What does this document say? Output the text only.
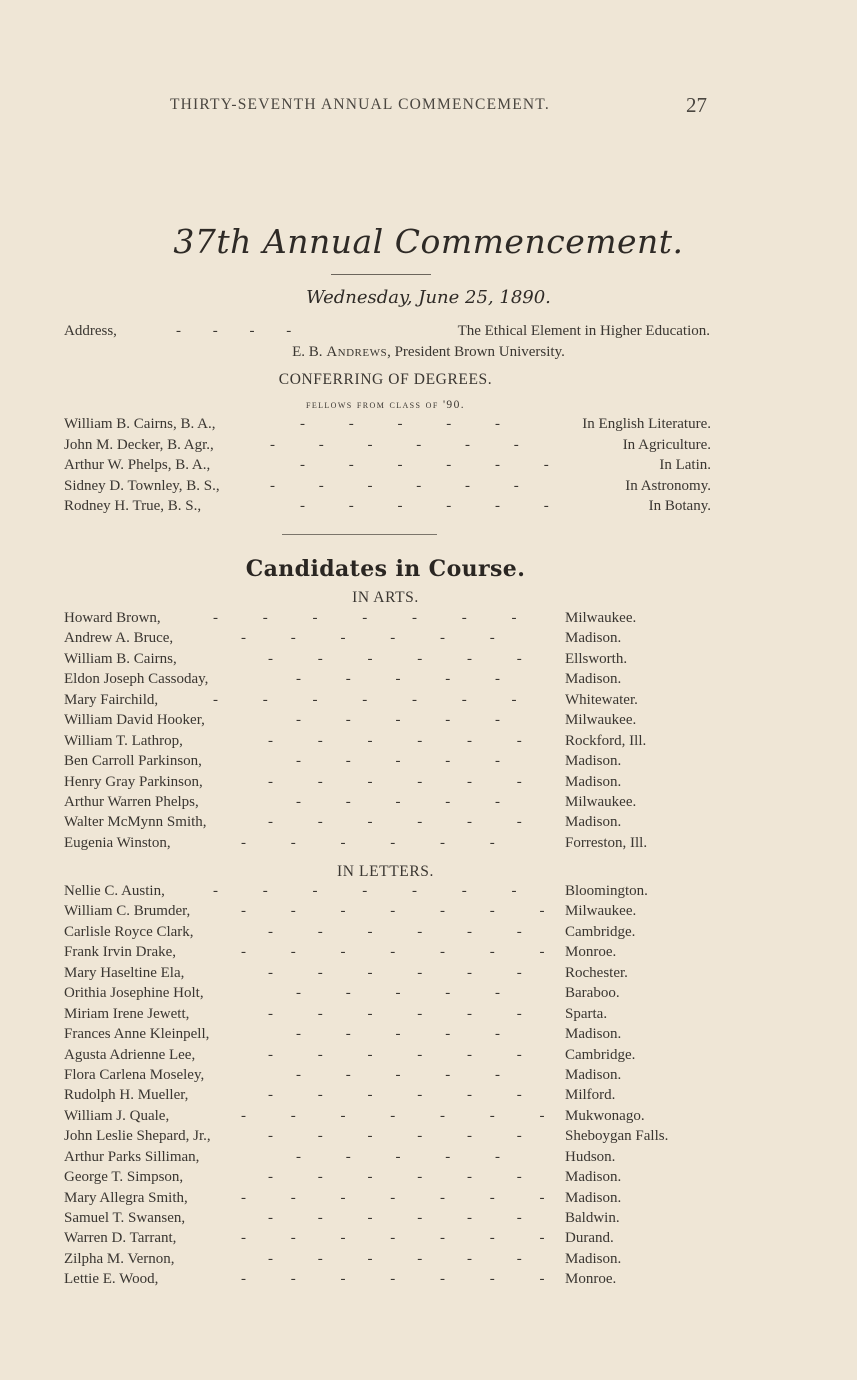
THIRTY-SEVENTH ANNUAL COMMENCEMENT.	27
37th Annual Commencement.
Wednesday, June 25, 1890.
Address,	- - - -	The Ethical Element in Higher Education.
E. B. Andrews, President Brown University.
CONFERRING OF DEGREES.
fellows from class of '90.
William B. Cairns, B. A.,	- - - - -	In English Literature.
John M. Decker, B. Agr.,	- - - - - -	In Agriculture.
Arthur W. Phelps, B. A.,	- - - - - -	In Latin.
Sidney D. Townley, B. S.,	- - - - - -	In Astronomy.
Rodney H. True, B. S.,	- - - - - -	In Botany.
Candidates in Course.
IN ARTS.
Howard Brown,	- - - - - - - Milwaukee.
Andrew A. Bruce,	- - - - - -	Madison.
William B. Cairns,	- - - - - - Ellsworth.
Eldon Joseph Cassoday,	- - - - -	Madison.
Mary Fairchild,	- - - - - - - Whitewater.
William David Hooker,	- - - - -	Milwaukee.
William T. Lathrop,	- - - - - - Rockford, Ill.
Ben Carroll Parkinson,	- - - - -	Madison.
Henry Gray Parkinson,	- - - - - - Madison.
Arthur Warren Phelps,	- - - - -	Milwaukee.
Walter McMynn Smith,	- - - - - - Madison.
Eugenia Winston,	- - - - - -	Forreston, Ill.
IN LETTERS.
Nellie C. Austin,	- - - - - - - Bloomington.
William C. Brumder,	- - - - - - - Milwaukee.
Carlisle Royce Clark,	- - - - - - Cambridge.
Frank Irvin Drake,	- - - - - - - Monroe.
Mary Haseltine Ela,	- - - - - - Rochester.
Orithia Josephine Holt,	- - - - -	Baraboo.
Miriam Irene Jewett,	- - - - - - Sparta.
Frances Anne Kleinpell,	- - - - -	Madison.
Agusta Adrienne Lee,	- - - - - - Cambridge.
Flora Carlena Moseley,	- - - - -	Madison.
Rudolph H. Mueller,	- - - - - - Milford.
William J. Quale,	- - - - - - - Mukwonago.
John Leslie Shepard, Jr.,	- - - - - - Sheboygan Falls.
Arthur Parks Silliman,	- - - - -	Hudson.
George T. Simpson,	- - - - - - Madison.
Mary Allegra Smith,	- - - - - - - Madison.
Samuel T. Swansen,	- - - - - - Baldwin.
Warren D. Tarrant,	- - - - - - - Durand.
Zilpha M. Vernon,	- - - - - - Madison.
Lettie E. Wood,	- - - - - - - Monroe.
